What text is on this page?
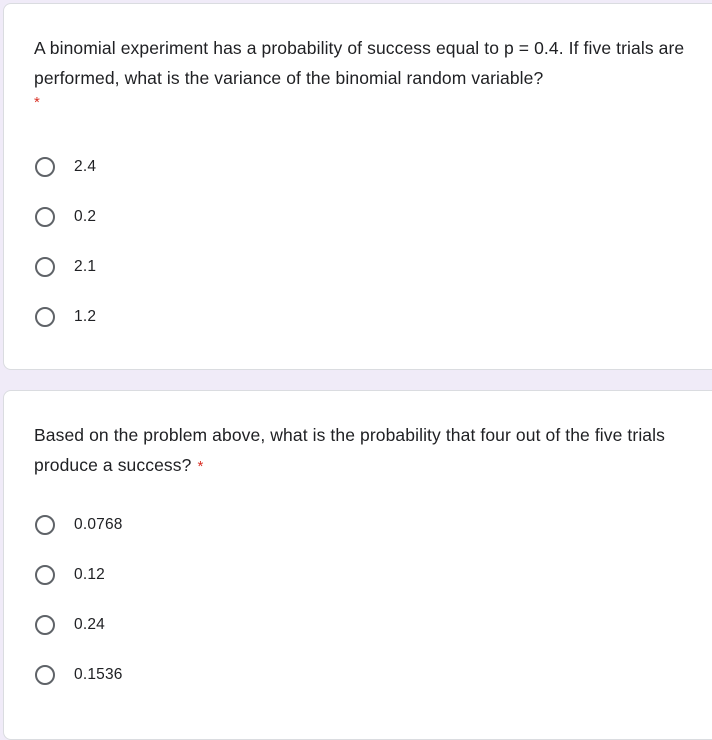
A binomial experiment has a probability of success equal to p = 0.4. If five trials are performed, what is the variance of the binomial random variable?
*
2.4
0.2
2.1
1.2
Based on the problem above, what is the probability that four out of the five trials produce a success? *
0.0768
0.12
0.24
0.1536
